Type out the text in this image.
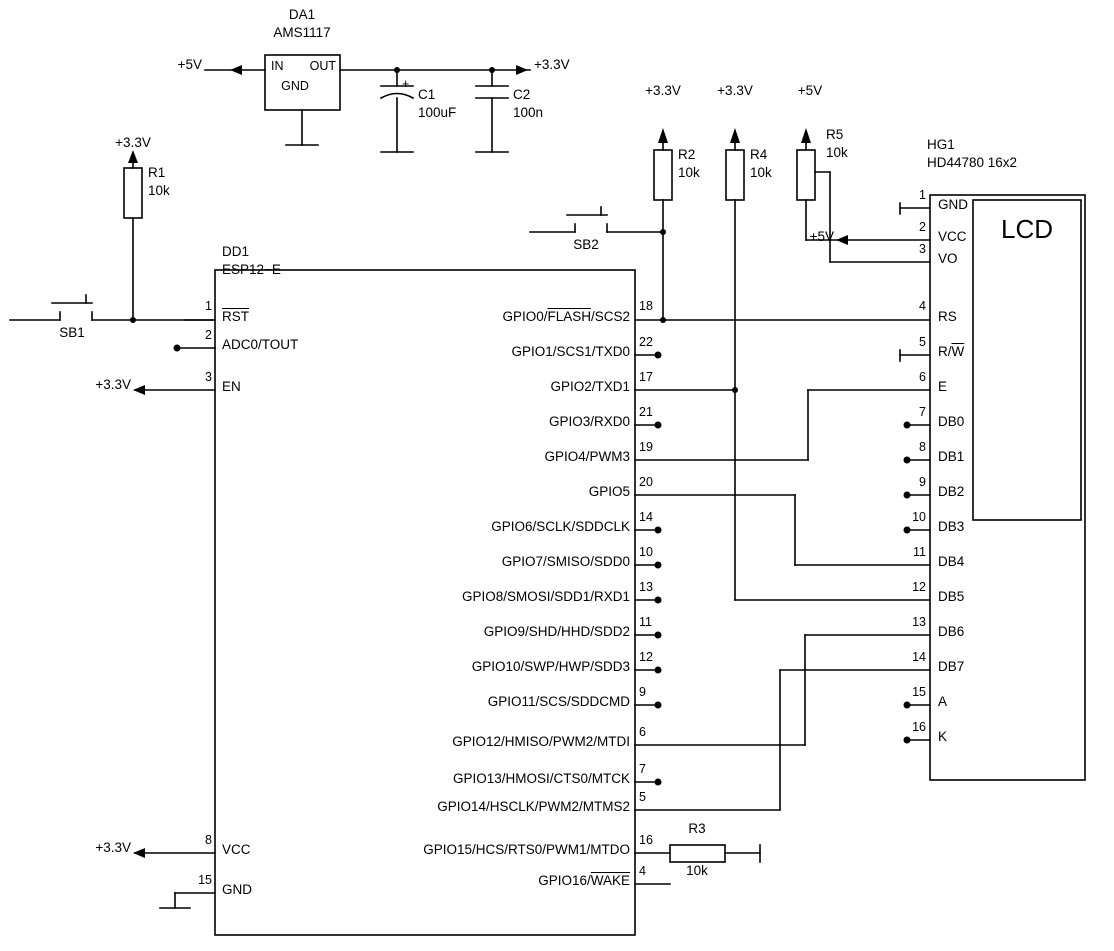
DA1
AMS1117
IN OUT
GND
+5V	+3.3V
+
C1
100uF
C2
100n
+3.3V
R1
10k
SB1
+3.3V
R2
10k
+3.3V
R4
10k
+5V
R5
10k
SB2
DD1
ESP12−E
HG1
HD44780 16x2
LCD
$\overline{RST}$
1
ADC0/TOUT
2
EN
3
+3.3V
VCC
8
+3.3V
GND
15
GPIO0/FLASH/SCS2
18
GPIO1/SCS1/TXD0
22
GPIO2/TXD1
17
GPIO3/RXD0
21
GPIO4/PWM3
19
GPIO5
20
GPIO6/SCLK/SDDCLK
14
GPIO7/SMISO/SDD0
10
GPIO8/SMOSI/SDD1/RXD1
13
GPIO9/SHD/HHD/SDD2
11
GPIO10/SWP/HWP/SDD3
12
GPIO11/SCS/SDDCMD
9
GPIO12/HMISO/PWM2/MTDI
6
GPIO13/HMOSI/CTS0/MTCK
7
GPIO14/HSCLK/PWM2/MTMS2
5
GPIO15/HCS/RTS0/PWM1/MTDO
16
GPIO16/WAKE
4
R3
10k
GND
1
VCC
2
+5V
VO
3
RS
4
$R/\overline{W}$
5
E
6
DB0
7
DB1
8
DB2
9
DB3
10
DB4
11
DB5
12
DB6
13
DB7
14
A
15
K
16
